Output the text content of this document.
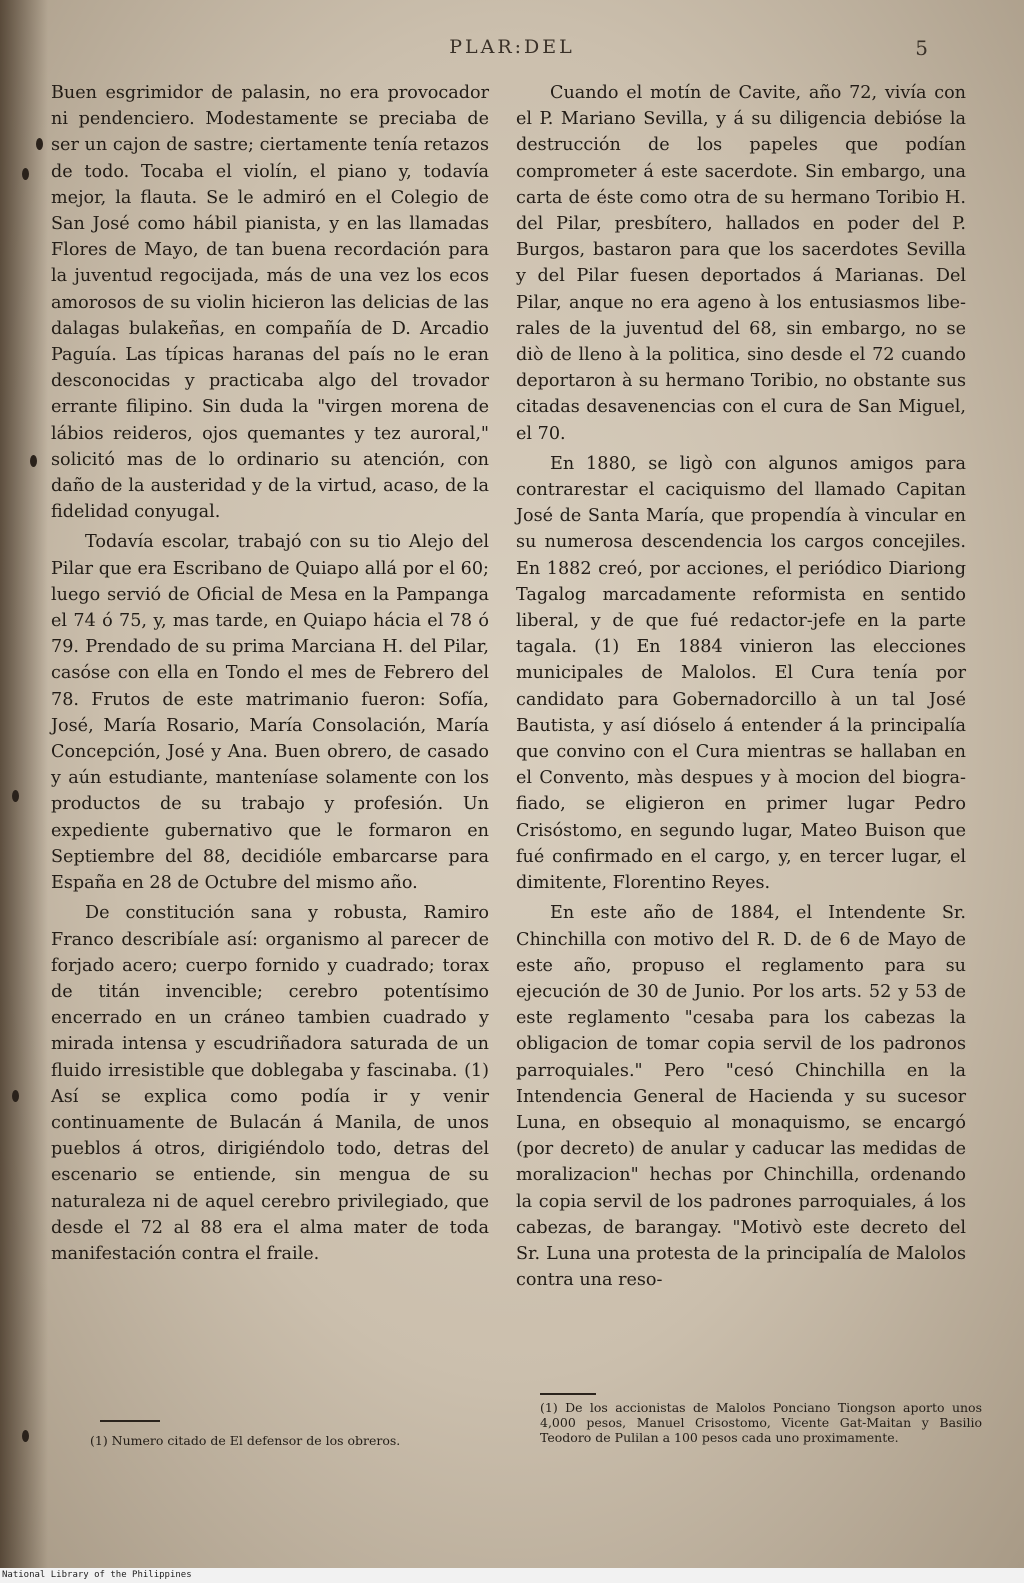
PLAR:DEL	5

Buen esgrimidor de palasin, no era provocador ni pendenciero. Modestamente se preciaba de ser un cajon de sastre; ciertamente tenía retazos de todo. Tocaba el violín, el piano y, todavía mejor, la flauta. Se le admiró en el Colegio de San José como hábil pianista, y en las llamadas Flores de Mayo, de tan buena recordación para la juventud regocijada, más de una vez los ecos amorosos de su violin hicieron las delicias de las dalagas bulakeñas, en compañía de D. Arcadio Paguía. Las típicas haranas del país no le eran desconocidas y practicaba algo del trovador errante filipino. Sin duda la "virgen morena de lábios reideros, ojos quemantes y tez auroral," solicitó mas de lo ordinario su atención, con daño de la austeridad y de la virtud, acaso, de la fidelidad conyugal.

Todavía escolar, trabajó con su tio Alejo del Pilar que era Escribano de Quiapo allá por el 60; luego servió de Oficial de Mesa en la Pampanga el 74 ó 75, y, mas tarde, en Quiapo hácia el 78 ó 79. Prendado de su prima Marciana H. del Pilar, casóse con ella en Tondo el mes de Febrero del 78. Frutos de este matrimanio fueron: Sofía, José, María Rosario, María Consolación, María Concepción, José y Ana. Buen obrero, de casado y aún estudiante, manteníase solamente con los productos de su trabajo y profesión. Un expediente gubernativo que le formaron en Septiembre del 88, decidióle embarcarse para España en 28 de Octubre del mismo año.

De constitución sana y robusta, Ramiro Franco describíale así: organismo al parecer de forjado acero; cuerpo fornido y cuadrado; torax de titán invencible; cerebro potentísimo encerrado en un cráneo tambien cuadrado y mirada intensa y escudriñadora saturada de un fluido irresistible que doblegaba y fascinaba. (1) Así se explica como podía ir y venir continuamente de Bulacán á Manila, de unos pueblos á otros, dirigiéndolo todo, detras del escenario se entiende, sin mengua de su naturaleza ni de aquel cerebro privilegiado, que desde el 72 al 88 era el alma mater de toda manifestación contra el fraile.

Cuando el motín de Cavite, año 72, vivía con el P. Mariano Sevilla, y á su diligencia debióse la destrucción de los papeles que podían comprometer á este sacerdote. Sin embargo, una carta de éste como otra de su hermano Toribio H. del Pilar, presbítero, hallados en poder del P. Burgos, bastaron para que los sacerdotes Sevilla y del Pilar fuesen deportados á Marianas. Del Pilar, anque no era ageno à los entusiasmos liberales de la juventud del 68, sin embargo, no se diò de lleno à la politica, sino desde el 72 cuando deportaron à su hermano Toribio, no obstante sus citadas desavenencias con el cura de San Miguel, el 70.

En 1880, se ligò con algunos amigos para contrarestar el caciquismo del llamado Capitan José de Santa María, que propendía à vincular en su numerosa descendencia los cargos concejiles. En 1882 creó, por acciones, el periódico Diariong Tagalog marcadamente reformista en sentido liberal, y de que fué redactor-jefe en la parte tagala. (1) En 1884 vinieron las elecciones municipales de Malolos. El Cura tenía por candidato para Gobernadorcillo à un tal José Bautista, y así dióselo á entender á la principalía que convino con el Cura mientras se hallaban en el Convento, màs despues y à mocion del biografiado, se eligieron en primer lugar Pedro Crisóstomo, en segundo lugar, Mateo Buison que fué confirmado en el cargo, y, en tercer lugar, el dimitente, Florentino Reyes.

En este año de 1884, el Intendente Sr. Chinchilla con motivo del R. D. de 6 de Mayo de este año, propuso el reglamento para su ejecución de 30 de Junio. Por los arts. 52 y 53 de este reglamento "cesaba para los cabezas la obligacion de tomar copia servil de los padronos parroquiales." Pero "cesó Chinchilla en la Intendencia General de Hacienda y su sucesor Luna, en obsequio al monaquismo, se encargó (por decreto) de anular y caducar las medidas de moralizacion" hechas por Chinchilla, ordenando la copia servil de los padrones parroquiales, á los cabezas, de barangay. "Motivò este decreto del Sr. Luna una protesta de la principalía de Malolos contra una reso-

(1) De los accionistas de Malolos Ponciano Tiongson aporto unos 4,000 pesos, Manuel Crisostomo, Vicente Gat-Maitan y Basilio Teodoro de Pulilan a 100 pesos cada uno proximamente.
(1) Numero citado de El defensor de los obreros.
National Library of the Philippines
